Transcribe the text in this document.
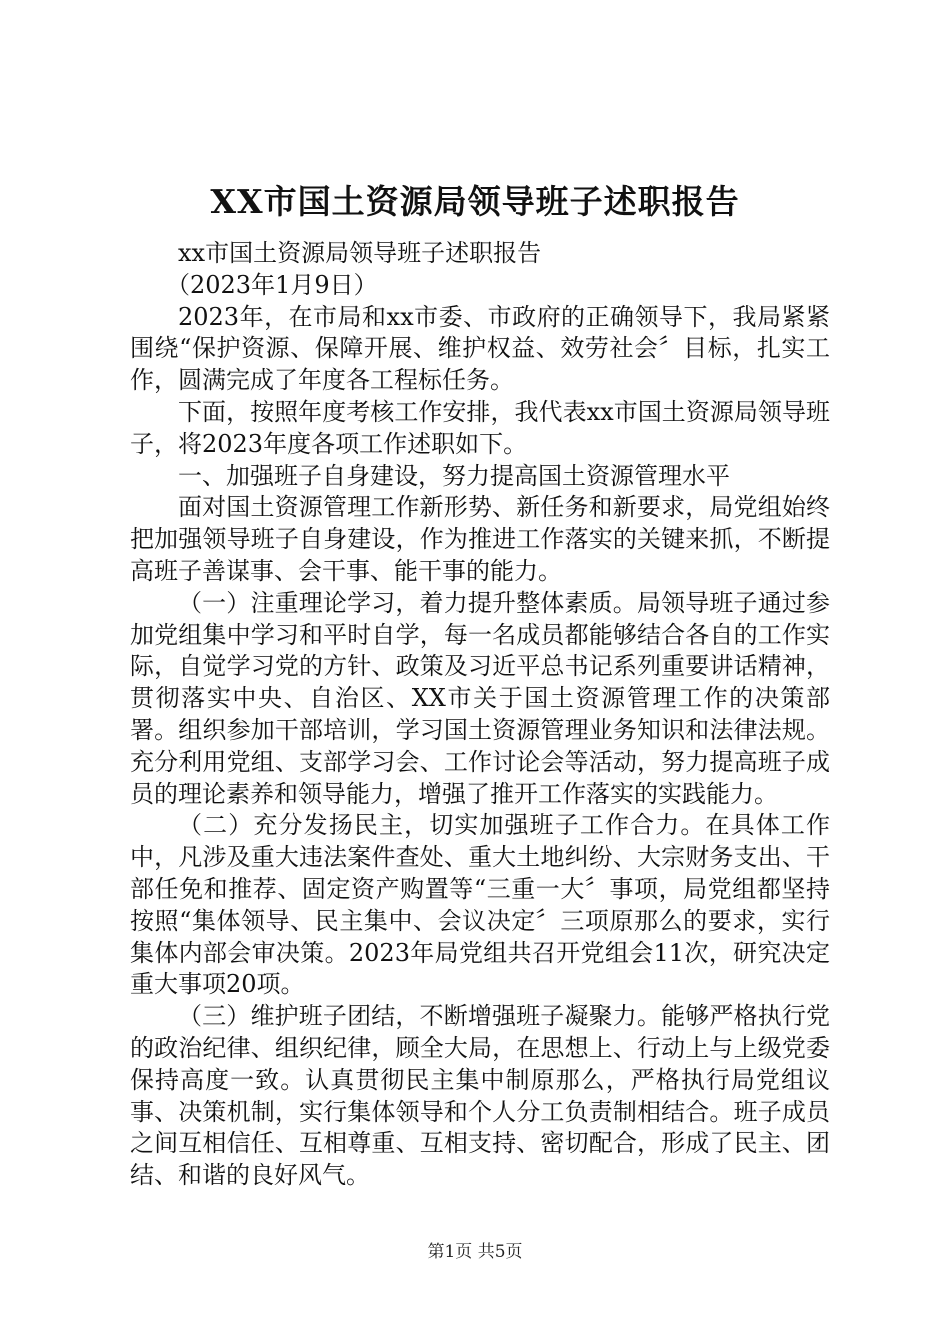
XX市国土资源局领导班子述职报告

xx市国土资源局领导班子述职报告

（2023年1月9日）

2023年，在市局和xx市委、市政府的正确领导下，我局紧紧围绕“保护资源、保障开展、维护权益、效劳社会〞目标，扎实工作，圆满完成了年度各工程标任务。

下面，按照年度考核工作安排，我代表xx市国土资源局领导班子，将2023年度各项工作述职如下。

一、加强班子自身建设，努力提高国土资源管理水平

面对国土资源管理工作新形势、新任务和新要求，局党组始终把加强领导班子自身建设，作为推进工作落实的关键来抓，不断提高班子善谋事、会干事、能干事的能力。

（一）注重理论学习，着力提升整体素质。局领导班子通过参加党组集中学习和平时自学，每一名成员都能够结合各自的工作实际，自觉学习党的方针、政策及习近平总书记系列重要讲话精神，贯彻落实中央、自治区、XX市关于国土资源管理工作的决策部署。组织参加干部培训，学习国土资源管理业务知识和法律法规。充分利用党组、支部学习会、工作讨论会等活动，努力提高班子成员的理论素养和领导能力，增强了推开工作落实的实践能力。

（二）充分发扬民主，切实加强班子工作合力。在具体工作中，凡涉及重大违法案件查处、重大土地纠纷、大宗财务支出、干部任免和推荐、固定资产购置等“三重一大〞事项，局党组都坚持按照“集体领导、民主集中、会议决定〞三项原那么的要求，实行集体内部会审决策。2023年局党组共召开党组会11次，研究决定重大事项20项。

（三）维护班子团结，不断增强班子凝聚力。能够严格执行党的政治纪律、组织纪律，顾全大局，在思想上、行动上与上级党委保持高度一致。认真贯彻民主集中制原那么，严格执行局党组议事、决策机制，实行集体领导和个人分工负责制相结合。班子成员之间互相信任、互相尊重、互相支持、密切配合，形成了民主、团结、和谐的良好风气。

第1页 共5页
